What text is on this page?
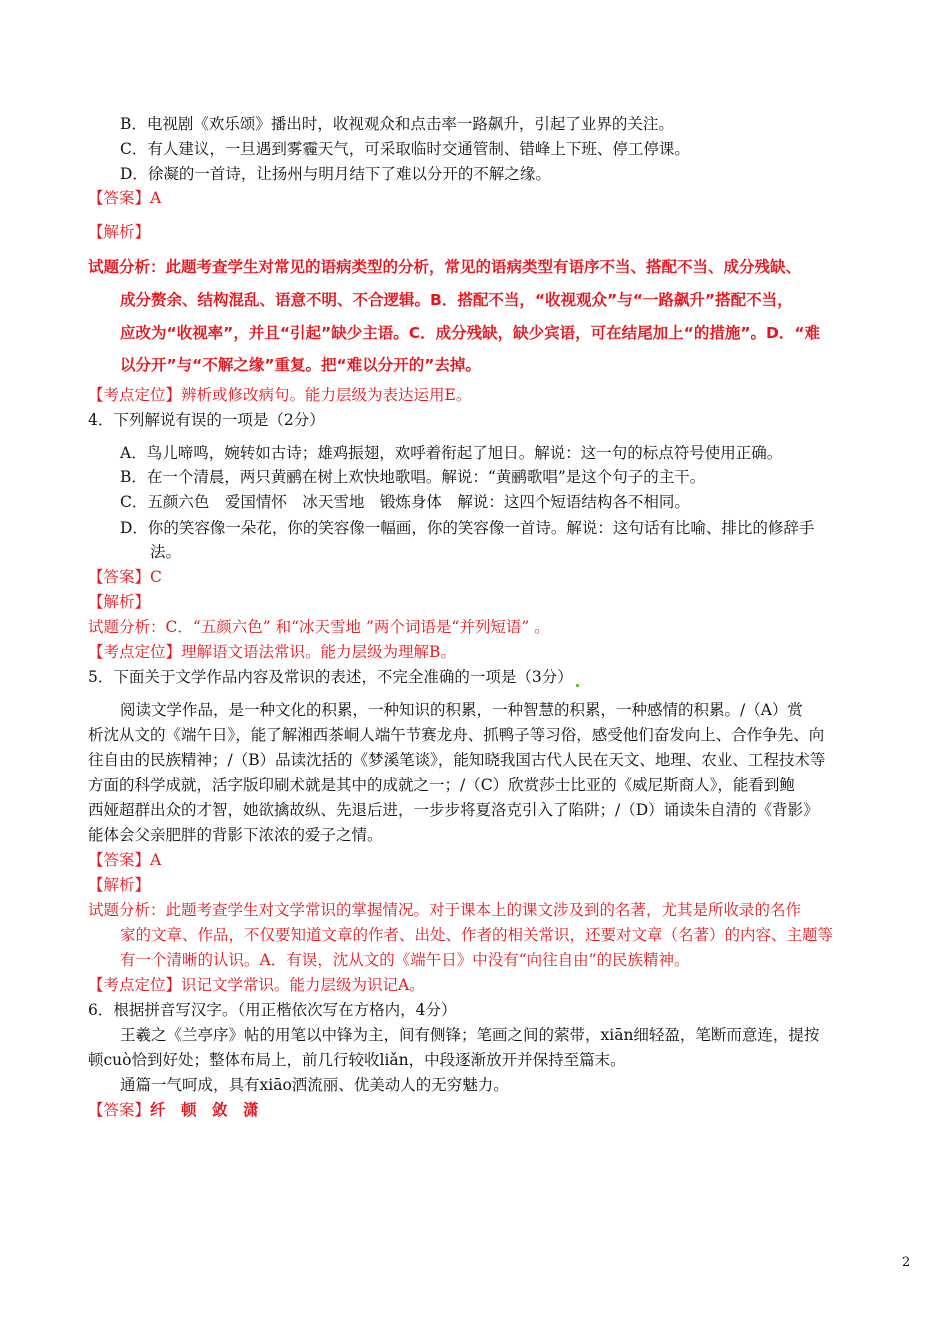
B．电视剧《欢乐颂》播出时，收视观众和点击率一路飙升，引起了业界的关注。
C．有人建议，一旦遇到雾霾天气，可采取临时交通管制、错峰上下班、停工停课。
D．徐凝的一首诗，让扬州与明月结下了难以分开的不解之缘。
【答案】A
【解析】
试题分析：此题考查学生对常见的语病类型的分析，常见的语病类型有语序不当、搭配不当、成分残缺、
成分赘余、结构混乱、语意不明、不合逻辑。B．搭配不当，“收视观众”与“一路飙升”搭配不当，
应改为“收视率”，并且“引起”缺少主语。C．成分残缺，缺少宾语，可在结尾加上“的措施”。D．“难
以分开”与“不解之缘”重复。把“难以分开的”去掉。
【考点定位】辨析或修改病句。能力层级为表达运用E。
4．下列解说有误的一项是（2分）
A．鸟儿啼鸣，婉转如古诗；雄鸡振翅，欢呼着衔起了旭日。解说：这一句的标点符号使用正确。
B．在一个清晨，两只黄鹂在树上欢快地歌唱。解说：“黄鹂歌唱”是这个句子的主干。
C．五颜六色　爱国情怀　冰天雪地　锻炼身体　解说：这四个短语结构各不相同。
D．你的笑容像一朵花，你的笑容像一幅画，你的笑容像一首诗。解说：这句话有比喻、排比的修辞手
法。
【答案】C
【解析】
试题分析：C．“五颜六色” 和“冰天雪地 ”两个词语是“并列短语” 。
【考点定位】理解语文语法常识。能力层级为理解B。
5．下面关于文学作品内容及常识的表述，不完全准确的一项是（3分）
阅读文学作品，是一种文化的积累，一种知识的积累，一种智慧的积累，一种感情的积累。/（A）赏
析沈从文的《端午日》，能了解湘西茶峒人端午节赛龙舟、抓鸭子等习俗，感受他们奋发向上、合作争先、向
往自由的民族精神；/（B）品读沈括的《梦溪笔谈》，能知晓我国古代人民在天文、地理、农业、工程技术等
方面的科学成就，活字版印刷术就是其中的成就之一；/（C）欣赏莎士比亚的《威尼斯商人》，能看到鲍
西娅超群出众的才智，她欲擒故纵、先退后进，一步步将夏洛克引入了陷阱；/（D）诵读朱自清的《背影》
能体会父亲肥胖的背影下浓浓的爱子之情。
【答案】A
【解析】
试题分析：此题考查学生对文学常识的掌握情况。对于课本上的课文涉及到的名著，尤其是所收录的名作
家的文章、作品，不仅要知道文章的作者、出处、作者的相关常识，还要对文章（名著）的内容、主题等
有一个清晰的认识。A．有误，沈从文的《端午日》中没有“向往自由”的民族精神。
【考点定位】识记文学常识。能力层级为识记A。
6．根据拼音写汉字。（用正楷依次写在方格内，4分）
王羲之《兰亭序》帖的用笔以中锋为主，间有侧锋；笔画之间的萦带，xiān细轻盈，笔断而意连，提按
顿cuò恰到好处；整体布局上，前几行较收liǎn，中段逐渐放开并保持至篇末。
通篇一气呵成，具有xiāo洒流丽、优美动人的无穷魅力。
【答案】纤　顿　敛　潇
2
